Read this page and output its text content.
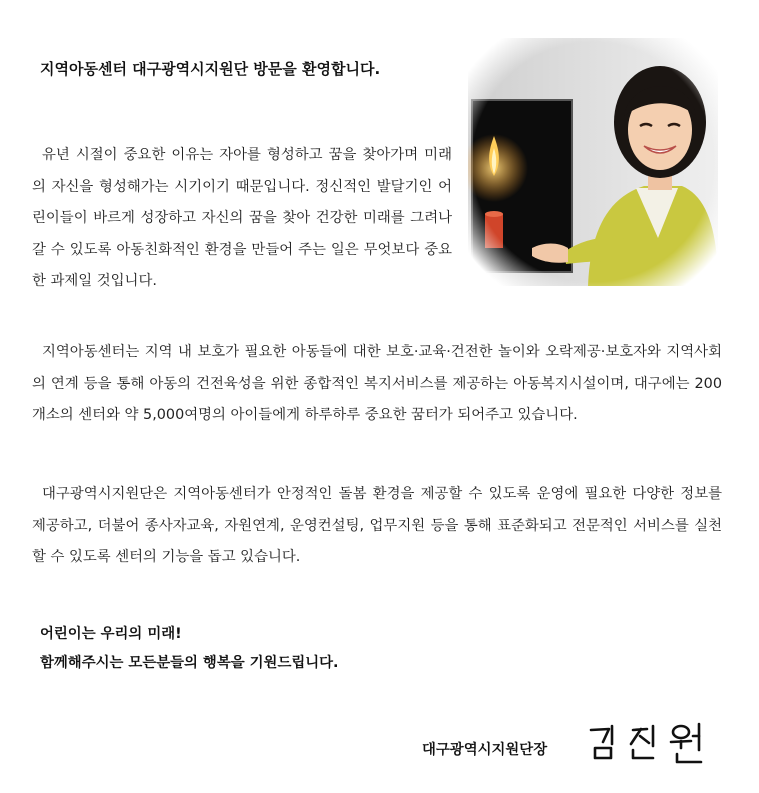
지역아동센터 대구광역시지원단 방문을 환영합니다.

유년 시절이 중요한 이유는 자아를 형성하고 꿈을 찾아가며 미래의 자신을 형성해가는 시기이기 때문입니다. 정신적인 발달기인 어린이들이 바르게 성장하고 자신의 꿈을 찾아 건강한 미래를 그려나갈 수 있도록 아동친화적인 환경을 만들어 주는 일은 무엇보다 중요한 과제일 것입니다.

지역아동센터는 지역 내 보호가 필요한 아동들에 대한 보호·교육·건전한 놀이와 오락제공·보호자와 지역사회의 연계 등을 통해 아동의 건전육성을 위한 종합적인 복지서비스를 제공하는 아동복지시설이며, 대구에는 200개소의 센터와 약 5,000여명의 아이들에게 하루하루 중요한 꿈터가 되어주고 있습니다.

대구광역시지원단은 지역아동센터가 안정적인 돌봄 환경을 제공할 수 있도록 운영에 필요한 다양한 정보를 제공하고, 더불어 종사자교육, 자원연계, 운영컨설팅, 업무지원 등을 통해 표준화되고 전문적인 서비스를 실천할 수 있도록 센터의 기능을 돕고 있습니다.

어린이는 우리의 미래!
함께해주시는 모든분들의 행복을 기원드립니다.
대구광역시지원단장
